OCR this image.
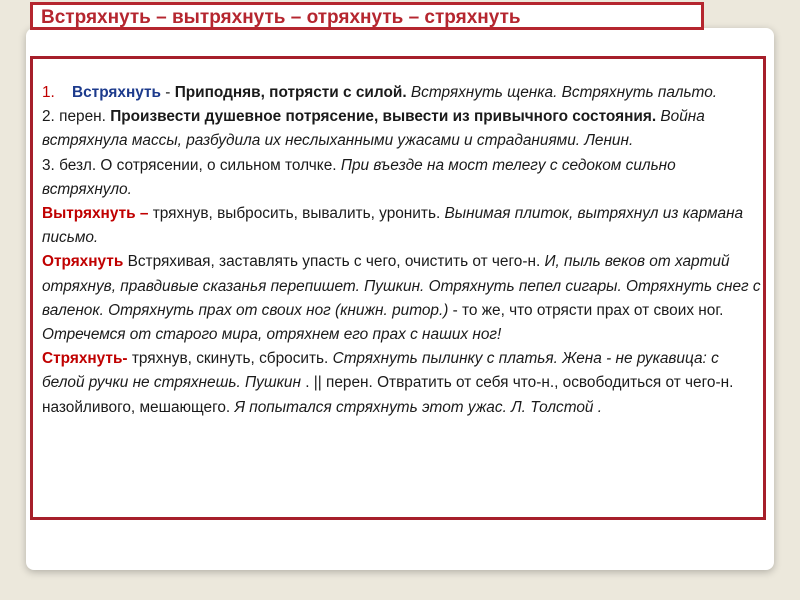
Встряхнуть – вытряхнуть – отряхнуть – стряхнуть

1. Встряхнуть - Приподняв, потрясти с силой. Встряхнуть щенка. Встряхнуть пальто.

2. перен. Произвести душевное потрясение, вывести из привычного состояния. Война встряхнула массы, разбудила их неслыханными ужасами и страданиями. Ленин.

3. безл. О сотрясении, о сильном толчке. При въезде на мост телегу с седоком сильно встряхнуло.

Вытряхнуть – тряхнув, выбросить, вывалить, уронить. Вынимая плиток, вытряхнул из кармана письмо.

Отряхнуть Встряхивая, заставлять упасть с чего, очистить от чего-н. И, пыль веков от хартий отряхнув, правдивые сказанья перепишет. Пушкин. Отряхнуть пепел сигары. Отряхнуть снег с валенок. Отряхнуть прах от своих ног (книжн. ритор.) - то же, что отрясти прах от своих ног. Отречемся от старого мира, отряхнем его прах с наших ног!

Стряхнуть- тряхнув, скинуть, сбросить. Стряхнуть пылинку с платья. Жена - не рукавица: с белой ручки не стряхнешь. Пушкин . || перен. Отвратить от себя что-н., освободиться от чего-н. назойливого, мешающего. Я попытался стряхнуть этот ужас. Л. Толстой .
